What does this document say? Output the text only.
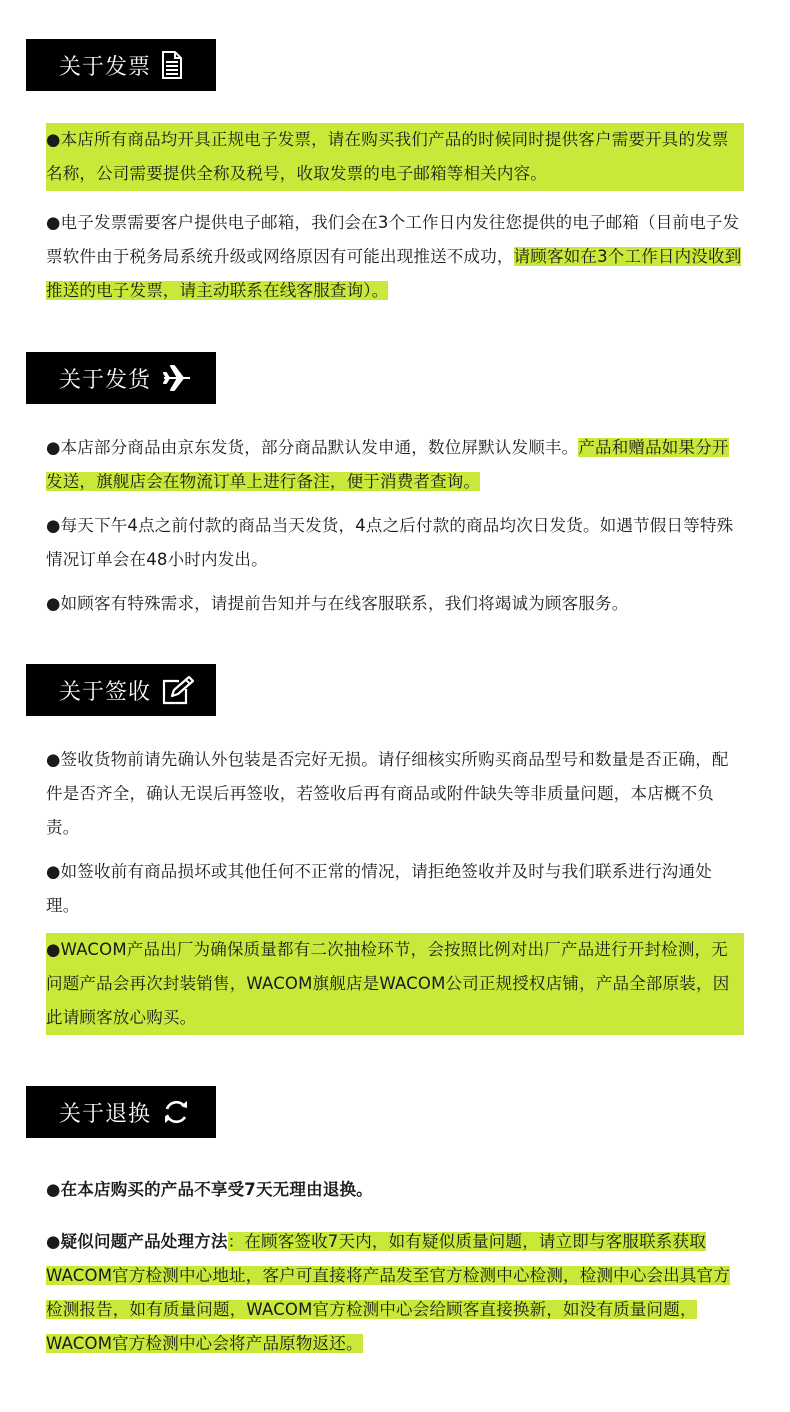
关于发票
●本店所有商品均开具正规电子发票，请在购买我们产品的时候同时提供客户需要开具的发票名称，公司需要提供全称及税号，收取发票的电子邮箱等相关内容。
●电子发票需要客户提供电子邮箱，我们会在3个工作日内发往您提供的电子邮箱（目前电子发票软件由于税务局系统升级或网络原因有可能出现推送不成功，请顾客如在3个工作日内没收到推送的电子发票，请主动联系在线客服查询）。
关于发货
●本店部分商品由京东发货，部分商品默认发申通，数位屏默认发顺丰。产品和赠品如果分开发送，旗舰店会在物流订单上进行备注，便于消费者查询。
●每天下午4点之前付款的商品当天发货，4点之后付款的商品均次日发货。如遇节假日等特殊情况订单会在48小时内发出。
●如顾客有特殊需求，请提前告知并与在线客服联系，我们将竭诚为顾客服务。
关于签收
●签收货物前请先确认外包装是否完好无损。请仔细核实所购买商品型号和数量是否正确，配件是否齐全，确认无误后再签收，若签收后再有商品或附件缺失等非质量问题，本店概不负责。
●如签收前有商品损坏或其他任何不正常的情况，请拒绝签收并及时与我们联系进行沟通处理。
●WACOM产品出厂为确保质量都有二次抽检环节，会按照比例对出厂产品进行开封检测，无问题产品会再次封装销售，WACOM旗舰店是WACOM公司正规授权店铺，产品全部原装，因此请顾客放心购买。
关于退换
●在本店购买的产品不享受7天无理由退换。
●疑似问题产品处理方法：在顾客签收7天内，如有疑似质量问题，请立即与客服联系获取WACOM官方检测中心地址，客户可直接将产品发至官方检测中心检测，检测中心会出具官方检测报告，如有质量问题，WACOM官方检测中心会给顾客直接换新，如没有质量问题，WACOM官方检测中心会将产品原物返还。
